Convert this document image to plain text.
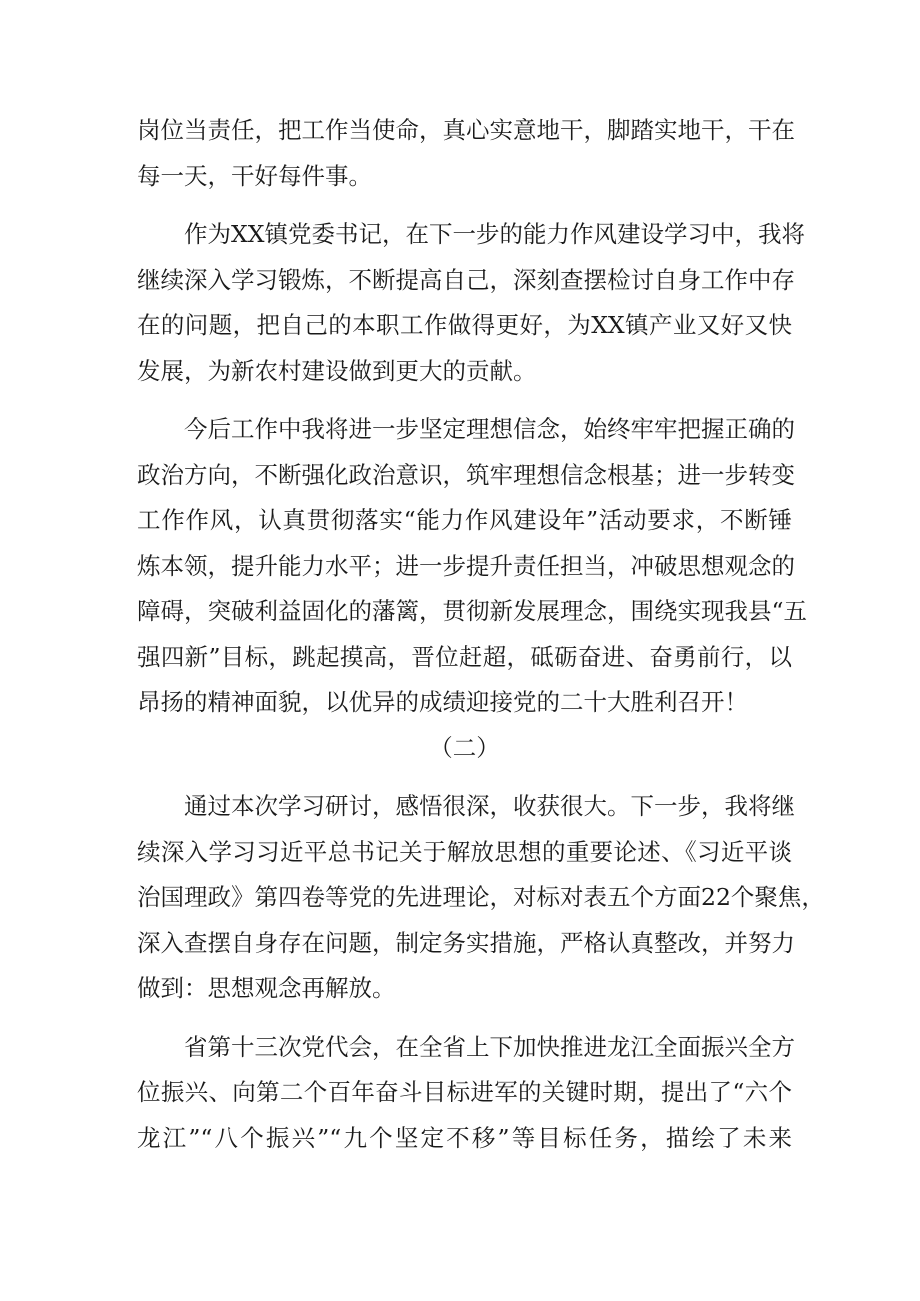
岗位当责任，把工作当使命，真心实意地干，脚踏实地干，干在
每一天，干好每件事。
作为XX镇党委书记，在下一步的能力作风建设学习中，我将
继续深入学习锻炼，不断提高自己，深刻查摆检讨自身工作中存
在的问题，把自己的本职工作做得更好，为XX镇产业又好又快
发展，为新农村建设做到更大的贡献。
今后工作中我将进一步坚定理想信念，始终牢牢把握正确的
政治方向，不断强化政治意识，筑牢理想信念根基；进一步转变
工作作风，认真贯彻落实“能力作风建设年”活动要求，不断锤
炼本领，提升能力水平；进一步提升责任担当，冲破思想观念的
障碍，突破利益固化的藩篱，贯彻新发展理念，围绕实现我县“五
强四新”目标，跳起摸高，晋位赶超，砥砺奋进、奋勇前行，以
昂扬的精神面貌，以优异的成绩迎接党的二十大胜利召开！
（二）
通过本次学习研讨，感悟很深，收获很大。下一步，我将继
续深入学习习近平总书记关于解放思想的重要论述、《习近平谈
治国理政》第四卷等党的先进理论，对标对表五个方面22个聚焦，
深入查摆自身存在问题，制定务实措施，严格认真整改，并努力
做到：思想观念再解放。
省第十三次党代会，在全省上下加快推进龙江全面振兴全方
位振兴、向第二个百年奋斗目标进军的关键时期，提出了“六个
龙江”“八个振兴”“九个坚定不移”等目标任务，描绘了未来
